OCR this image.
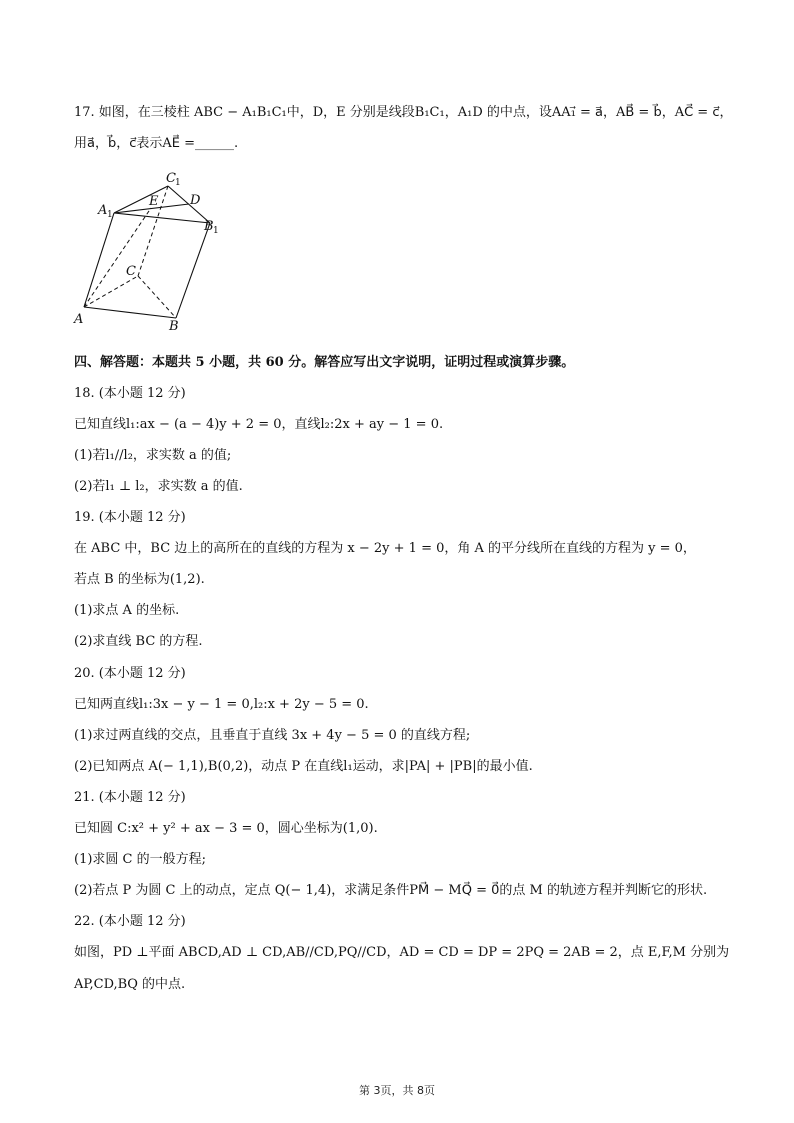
17. 如图，在三棱柱 ABC − A₁B₁C₁中，D，E 分别是线段B₁C₁，A₁D 的中点，设AA₁⃗ = a⃗，AB⃗ = b⃗，AC⃗ = c⃗，
用a⃗，b⃗，c⃗表示AE⃗ =______.
C 1
A 1
E D
B 1
C
A	B
四、解答题：本题共 5 小题，共 60 分。解答应写出文字说明，证明过程或演算步骤。
18. (本小题 12 分)
已知直线l₁:ax − (a − 4)y + 2 = 0，直线l₂:2x + ay − 1 = 0.
(1)若l₁//l₂，求实数 a 的值;
(2)若l₁ ⊥ l₂，求实数 a 的值.
19. (本小题 12 分)
在 ABC 中，BC 边上的高所在的直线的方程为 x − 2y + 1 = 0，角 A 的平分线所在直线的方程为 y = 0，
若点 B 的坐标为(1,2).
(1)求点 A 的坐标.
(2)求直线 BC 的方程.
20. (本小题 12 分)
已知两直线l₁:3x − y − 1 = 0,l₂:x + 2y − 5 = 0.
(1)求过两直线的交点，且垂直于直线 3x + 4y − 5 = 0 的直线方程;
(2)已知两点 A(− 1,1),B(0,2)，动点 P 在直线l₁运动，求|PA| + |PB|的最小值.
21. (本小题 12 分)
已知圆 C:x² + y² + ax − 3 = 0，圆心坐标为(1,0).
(1)求圆 C 的一般方程;
(2)若点 P 为圆 C 上的动点，定点 Q(− 1,4)，求满足条件PM⃗ − MQ⃗ = 0⃗的点 M 的轨迹方程并判断它的形状.
22. (本小题 12 分)
如图，PD ⊥平面 ABCD,AD ⊥ CD,AB//CD,PQ//CD，AD = CD = DP = 2PQ = 2AB = 2，点 E,F,M 分别为
AP,CD,BQ 的中点.
第 3页，共 8页
